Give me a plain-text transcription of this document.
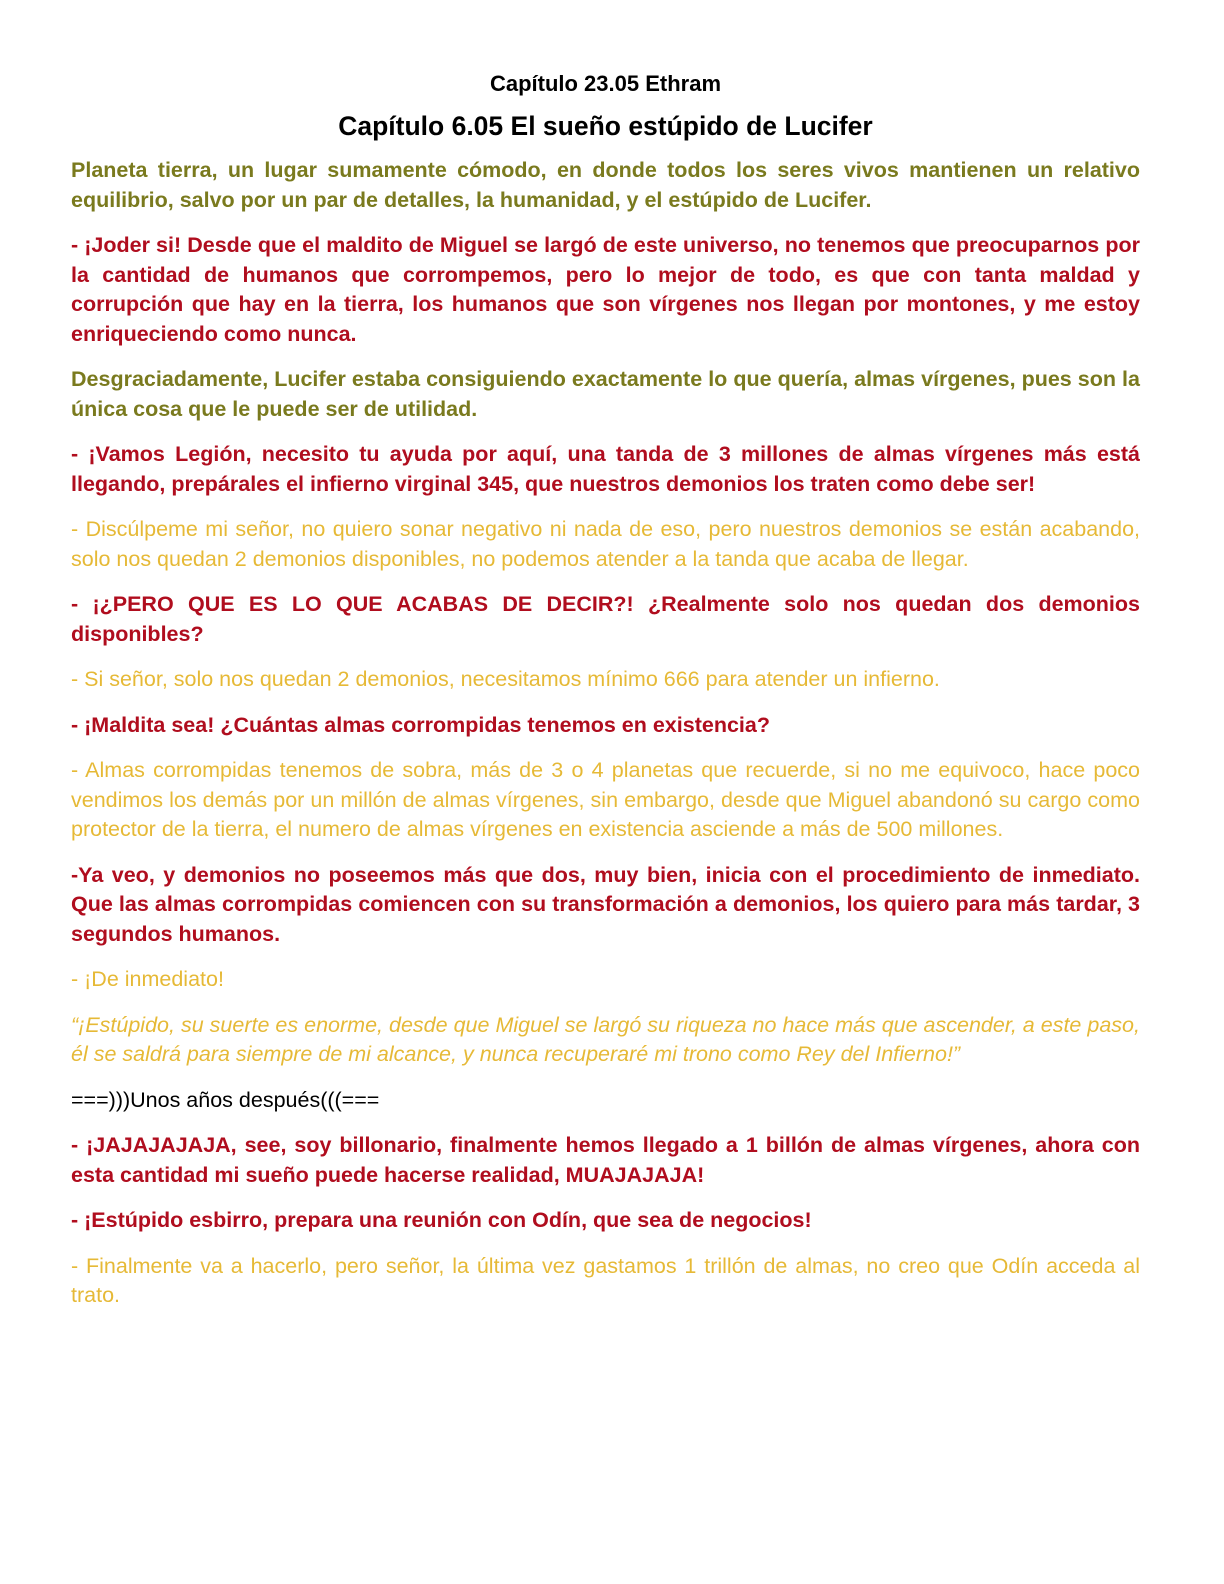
Capítulo 23.05 Ethram
Capítulo 6.05 El sueño estúpido de Lucifer

Planeta tierra, un lugar sumamente cómodo, en donde todos los seres vivos mantienen un relativo equilibrio, salvo por un par de detalles, la humanidad, y el estúpido de Lucifer.

- ¡Joder si! Desde que el maldito de Miguel se largó de este universo, no tenemos que preocuparnos por la cantidad de humanos que corrompemos, pero lo mejor de todo, es que con tanta maldad y corrupción que hay en la tierra, los humanos que son vírgenes nos llegan por montones, y me estoy enriqueciendo como nunca.

Desgraciadamente, Lucifer estaba consiguiendo exactamente lo que quería, almas vírgenes, pues son la única cosa que le puede ser de utilidad.

- ¡Vamos Legión, necesito tu ayuda por aquí, una tanda de 3 millones de almas vírgenes más está llegando, prepárales el infierno virginal 345, que nuestros demonios los traten como debe ser!

- Discúlpeme mi señor, no quiero sonar negativo ni nada de eso, pero nuestros demonios se están acabando, solo nos quedan 2 demonios disponibles, no podemos atender a la tanda que acaba de llegar.

- ¡¿PERO QUE ES LO QUE ACABAS DE DECIR?! ¿Realmente solo nos quedan dos demonios disponibles?

- Si señor, solo nos quedan 2 demonios, necesitamos mínimo 666 para atender un infierno.

- ¡Maldita sea! ¿Cuántas almas corrompidas tenemos en existencia?

- Almas corrompidas tenemos de sobra, más de 3 o 4 planetas que recuerde, si no me equivoco, hace poco vendimos los demás por un millón de almas vírgenes, sin embargo, desde que Miguel abandonó su cargo como protector de la tierra, el numero de almas vírgenes en existencia asciende a más de 500 millones.

-Ya veo, y demonios no poseemos más que dos, muy bien, inicia con el procedimiento de inmediato. Que las almas corrompidas comiencen con su transformación a demonios, los quiero para más tardar, 3 segundos humanos.

- ¡De inmediato!

“¡Estúpido, su suerte es enorme, desde que Miguel se largó su riqueza no hace más que ascender, a este paso, él se saldrá para siempre de mi alcance, y nunca recuperaré mi trono como Rey del Infierno!”

===)))Unos años después(((===

- ¡JAJAJAJAJA, see, soy billonario, finalmente hemos llegado a 1 billón de almas vírgenes, ahora con esta cantidad mi sueño puede hacerse realidad, MUAJAJAJA!

- ¡Estúpido esbirro, prepara una reunión con Odín, que sea de negocios!

- Finalmente va a hacerlo, pero señor, la última vez gastamos 1 trillón de almas, no creo que Odín acceda al trato.
